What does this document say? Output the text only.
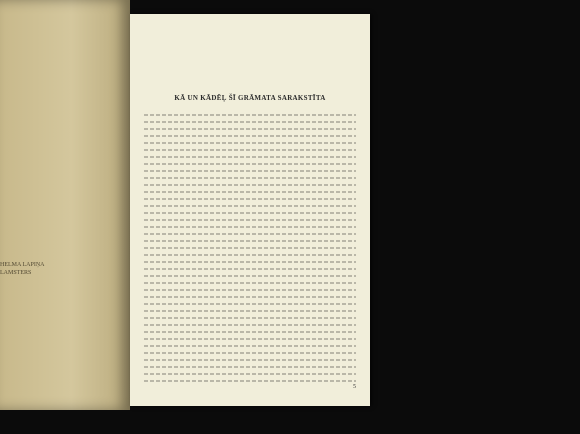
HELMA LAPIŅA
LAMSTERS
KĀ UN KĀDĒĻ ŠĪ GRĀMATA SARAKSTĪTA
5
